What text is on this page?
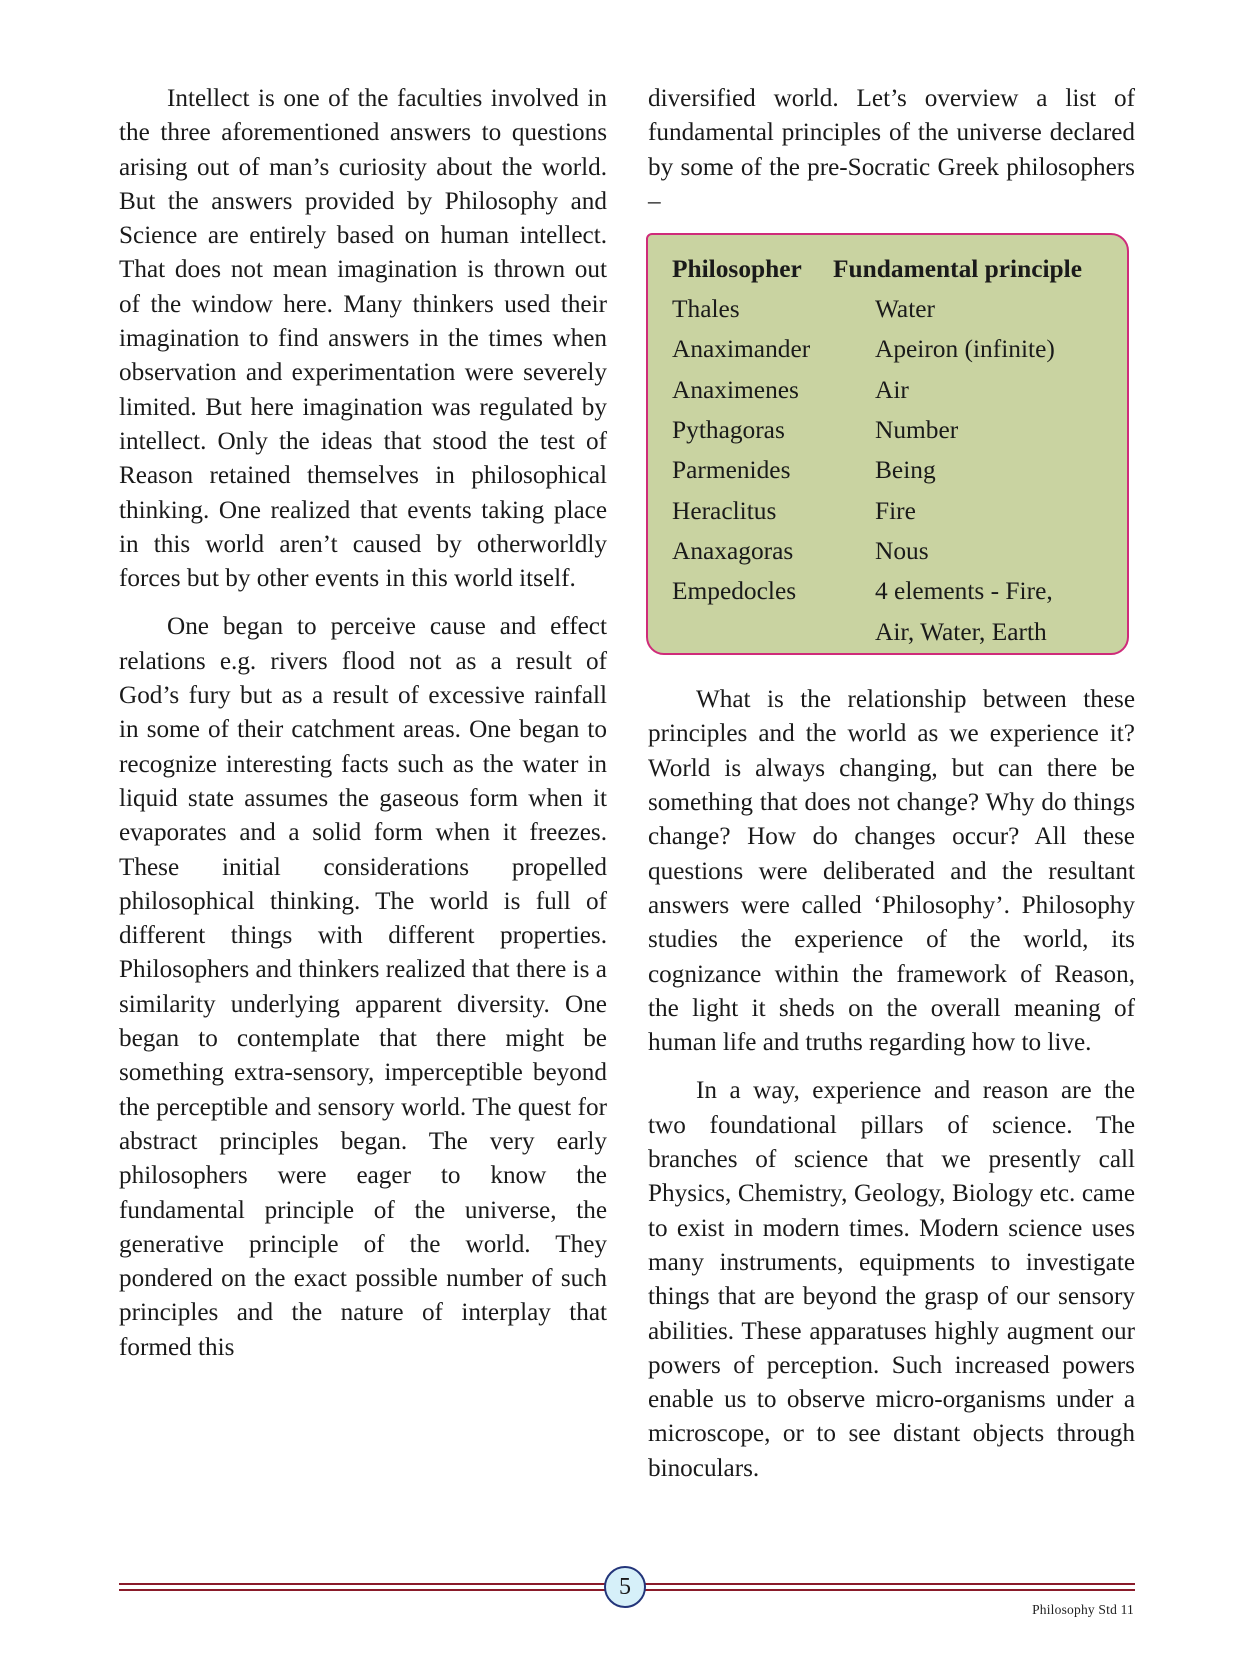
Intellect is one of the faculties involved in the three aforementioned answers to questions arising out of man’s curiosity about the world. But the answers provided by Philosophy and Science are entirely based on human intellect. That does not mean imagination is thrown out of the window here. Many thinkers used their imagination to find answers in the times when observation and experimentation were severely limited. But here imagination was regulated by intellect. Only the ideas that stood the test of Reason retained themselves in philosophical thinking. One realized that events taking place in this world aren’t caused by otherworldly forces but by other events in this world itself.

One began to perceive cause and effect relations e.g. rivers flood not as a result of God’s fury but as a result of excessive rainfall in some of their catchment areas. One began to recognize interesting facts such as the water in liquid state assumes the gaseous form when it evaporates and a solid form when it freezes. These initial considerations propelled philosophical thinking. The world is full of different things with different properties. Philosophers and thinkers realized that there is a similarity underlying apparent diversity. One began to contemplate that there might be something extra-sensory, imperceptible beyond the perceptible and sensory world. The quest for abstract principles began. The very early philosophers were eager to know the fundamental principle of the universe, the generative principle of the world. They pondered on the exact possible number of such principles and the nature of interplay that formed this

diversified world. Let’s overview a list of fundamental principles of the universe declared by some of the pre-Socratic Greek philosophers –

Philosopher	Fundamental principle
Thales	Water
Anaximander	Apeiron (infinite)
Anaximenes	Air
Pythagoras	Number
Parmenides	Being
Heraclitus	Fire
Anaxagoras	Nous
Empedocles	4 elements - Fire,
Air, Water, Earth

What is the relationship between these principles and the world as we experience it? World is always changing, but can there be something that does not change? Why do things change? How do changes occur? All these questions were deliberated and the resultant answers were called ‘Philosophy’. Philosophy studies the experience of the world, its cognizance within the framework of Reason, the light it sheds on the overall meaning of human life and truths regarding how to live.

In a way, experience and reason are the two foundational pillars of science. The branches of science that we presently call Physics, Chemistry, Geology, Biology etc. came to exist in modern times. Modern science uses many instruments, equipments to investigate things that are beyond the grasp of our sensory abilities. These apparatuses highly augment our powers of perception. Such increased powers enable us to observe micro-organisms under a microscope, or to see distant objects through binoculars.

5
Philosophy Std 11
